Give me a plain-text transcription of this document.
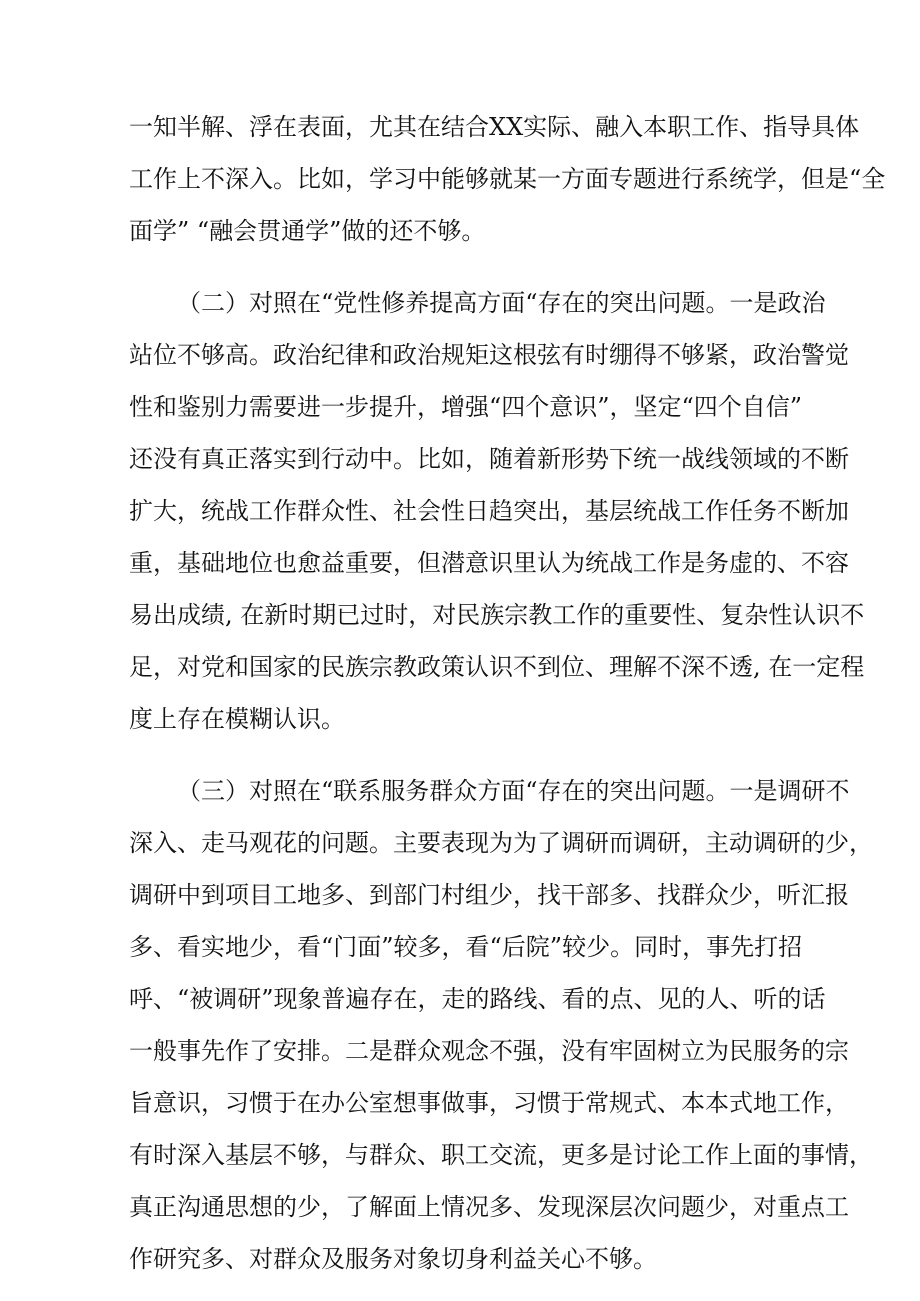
一知半解、浮在表面，尤其在结合XX实际、融入本职工作、指导具体
工作上不深入。比如，学习中能够就某一方面专题进行系统学，但是“全
面学” “融会贯通学”做的还不够。
（二）对照在“党性修养提高方面“存在的突出问题。一是政治
站位不够高。政治纪律和政治规矩这根弦有时绷得不够紧，政治警觉
性和鉴别力需要进一步提升，增强“四个意识”，坚定“四个自信”
还没有真正落实到行动中。比如，随着新形势下统一战线领域的不断
扩大，统战工作群众性、社会性日趋突出，基层统战工作任务不断加
重，基础地位也愈益重要，但潜意识里认为统战工作是务虚的、不容
易出成绩, 在新时期已过时，对民族宗教工作的重要性、复杂性认识不
足，对党和国家的民族宗教政策认识不到位、理解不深不透, 在一定程
度上存在模糊认识。
（三）对照在“联系服务群众方面“存在的突出问题。一是调研不
深入、走马观花的问题。主要表现为为了调研而调研，主动调研的少，
调研中到项目工地多、到部门村组少，找干部多、找群众少，听汇报
多、看实地少，看“门面”较多，看“后院”较少。同时，事先打招
呼、“被调研”现象普遍存在，走的路线、看的点、见的人、听的话
一般事先作了安排。二是群众观念不强，没有牢固树立为民服务的宗
旨意识，习惯于在办公室想事做事，习惯于常规式、本本式地工作，
有时深入基层不够，与群众、职工交流，更多是讨论工作上面的事情，
真正沟通思想的少，了解面上情况多、发现深层次问题少，对重点工
作研究多、对群众及服务对象切身利益关心不够。
